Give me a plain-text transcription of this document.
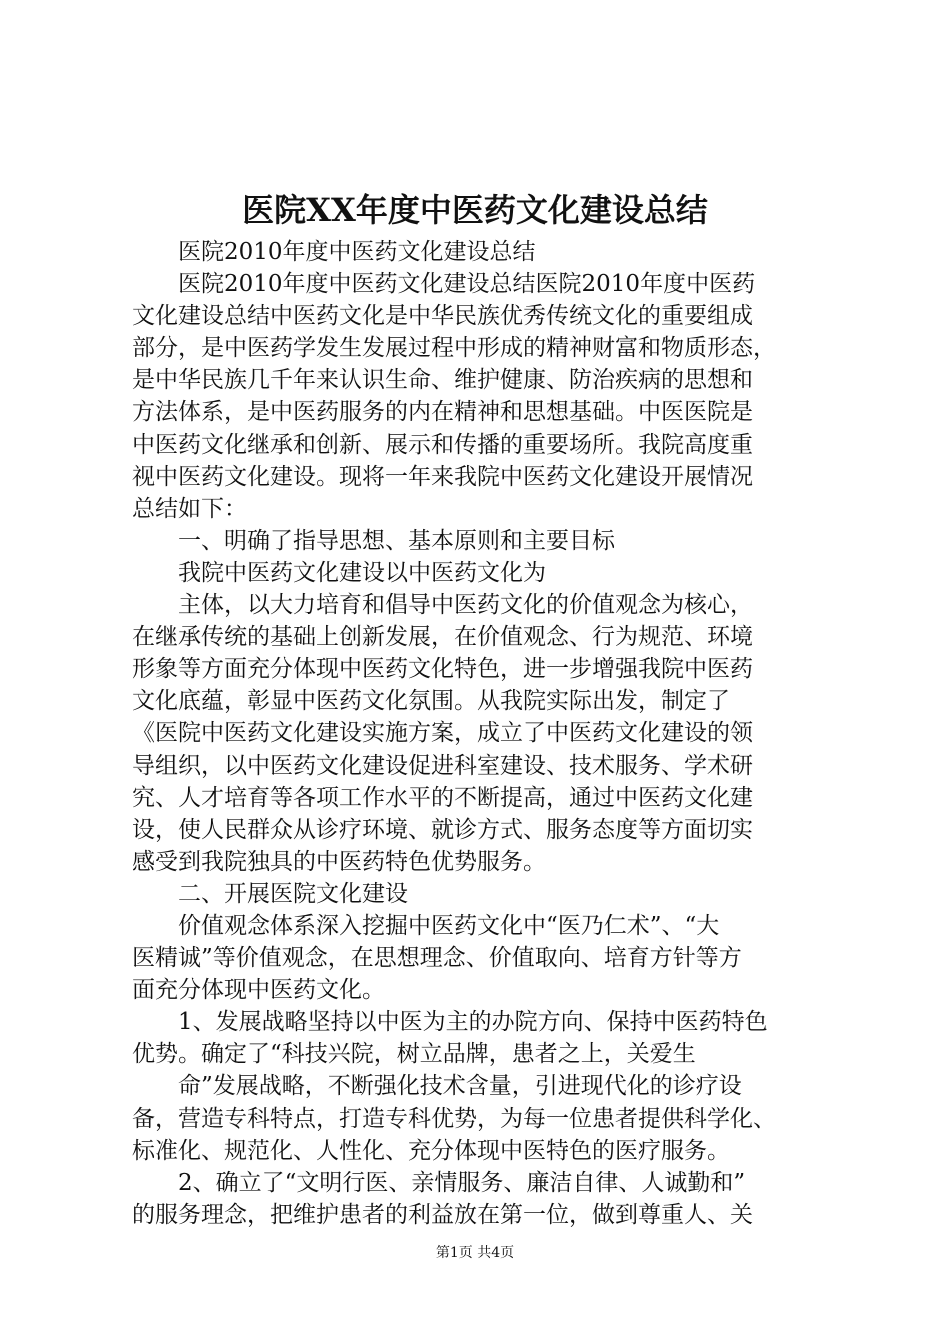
医院XX年度中医药文化建设总结
　　医院2010年度中医药文化建设总结
　　医院2010年度中医药文化建设总结医院2010年度中医药
文化建设总结中医药文化是中华民族优秀传统文化的重要组成
部分，是中医药学发生发展过程中形成的精神财富和物质形态，
是中华民族几千年来认识生命、维护健康、防治疾病的思想和
方法体系，是中医药服务的内在精神和思想基础。中医医院是
中医药文化继承和创新、展示和传播的重要场所。我院高度重
视中医药文化建设。现将一年来我院中医药文化建设开展情况
总结如下：
　　一、明确了指导思想、基本原则和主要目标
　　我院中医药文化建设以中医药文化为
　　主体，以大力培育和倡导中医药文化的价值观念为核心，
在继承传统的基础上创新发展，在价值观念、行为规范、环境
形象等方面充分体现中医药文化特色，进一步增强我院中医药
文化底蕴，彰显中医药文化氛围。从我院实际出发，制定了
《医院中医药文化建设实施方案，成立了中医药文化建设的领
导组织，以中医药文化建设促进科室建设、技术服务、学术研
究、人才培育等各项工作水平的不断提高，通过中医药文化建
设，使人民群众从诊疗环境、就诊方式、服务态度等方面切实
感受到我院独具的中医药特色优势服务。
　　二、开展医院文化建设
　　价值观念体系深入挖掘中医药文化中“医乃仁术”、“大
医精诚”等价值观念，在思想理念、价值取向、培育方针等方
面充分体现中医药文化。
　　1、发展战略坚持以中医为主的办院方向、保持中医药特色
优势。确定了“科技兴院，树立品牌，患者之上，关爱生
　　命”发展战略，不断强化技术含量，引进现代化的诊疗设
备，营造专科特点，打造专科优势，为每一位患者提供科学化、
标准化、规范化、人性化、充分体现中医特色的医疗服务。
　　2、确立了“文明行医、亲情服务、廉洁自律、人诚勤和”
的服务理念，把维护患者的利益放在第一位，做到尊重人、关
第1页 共4页
